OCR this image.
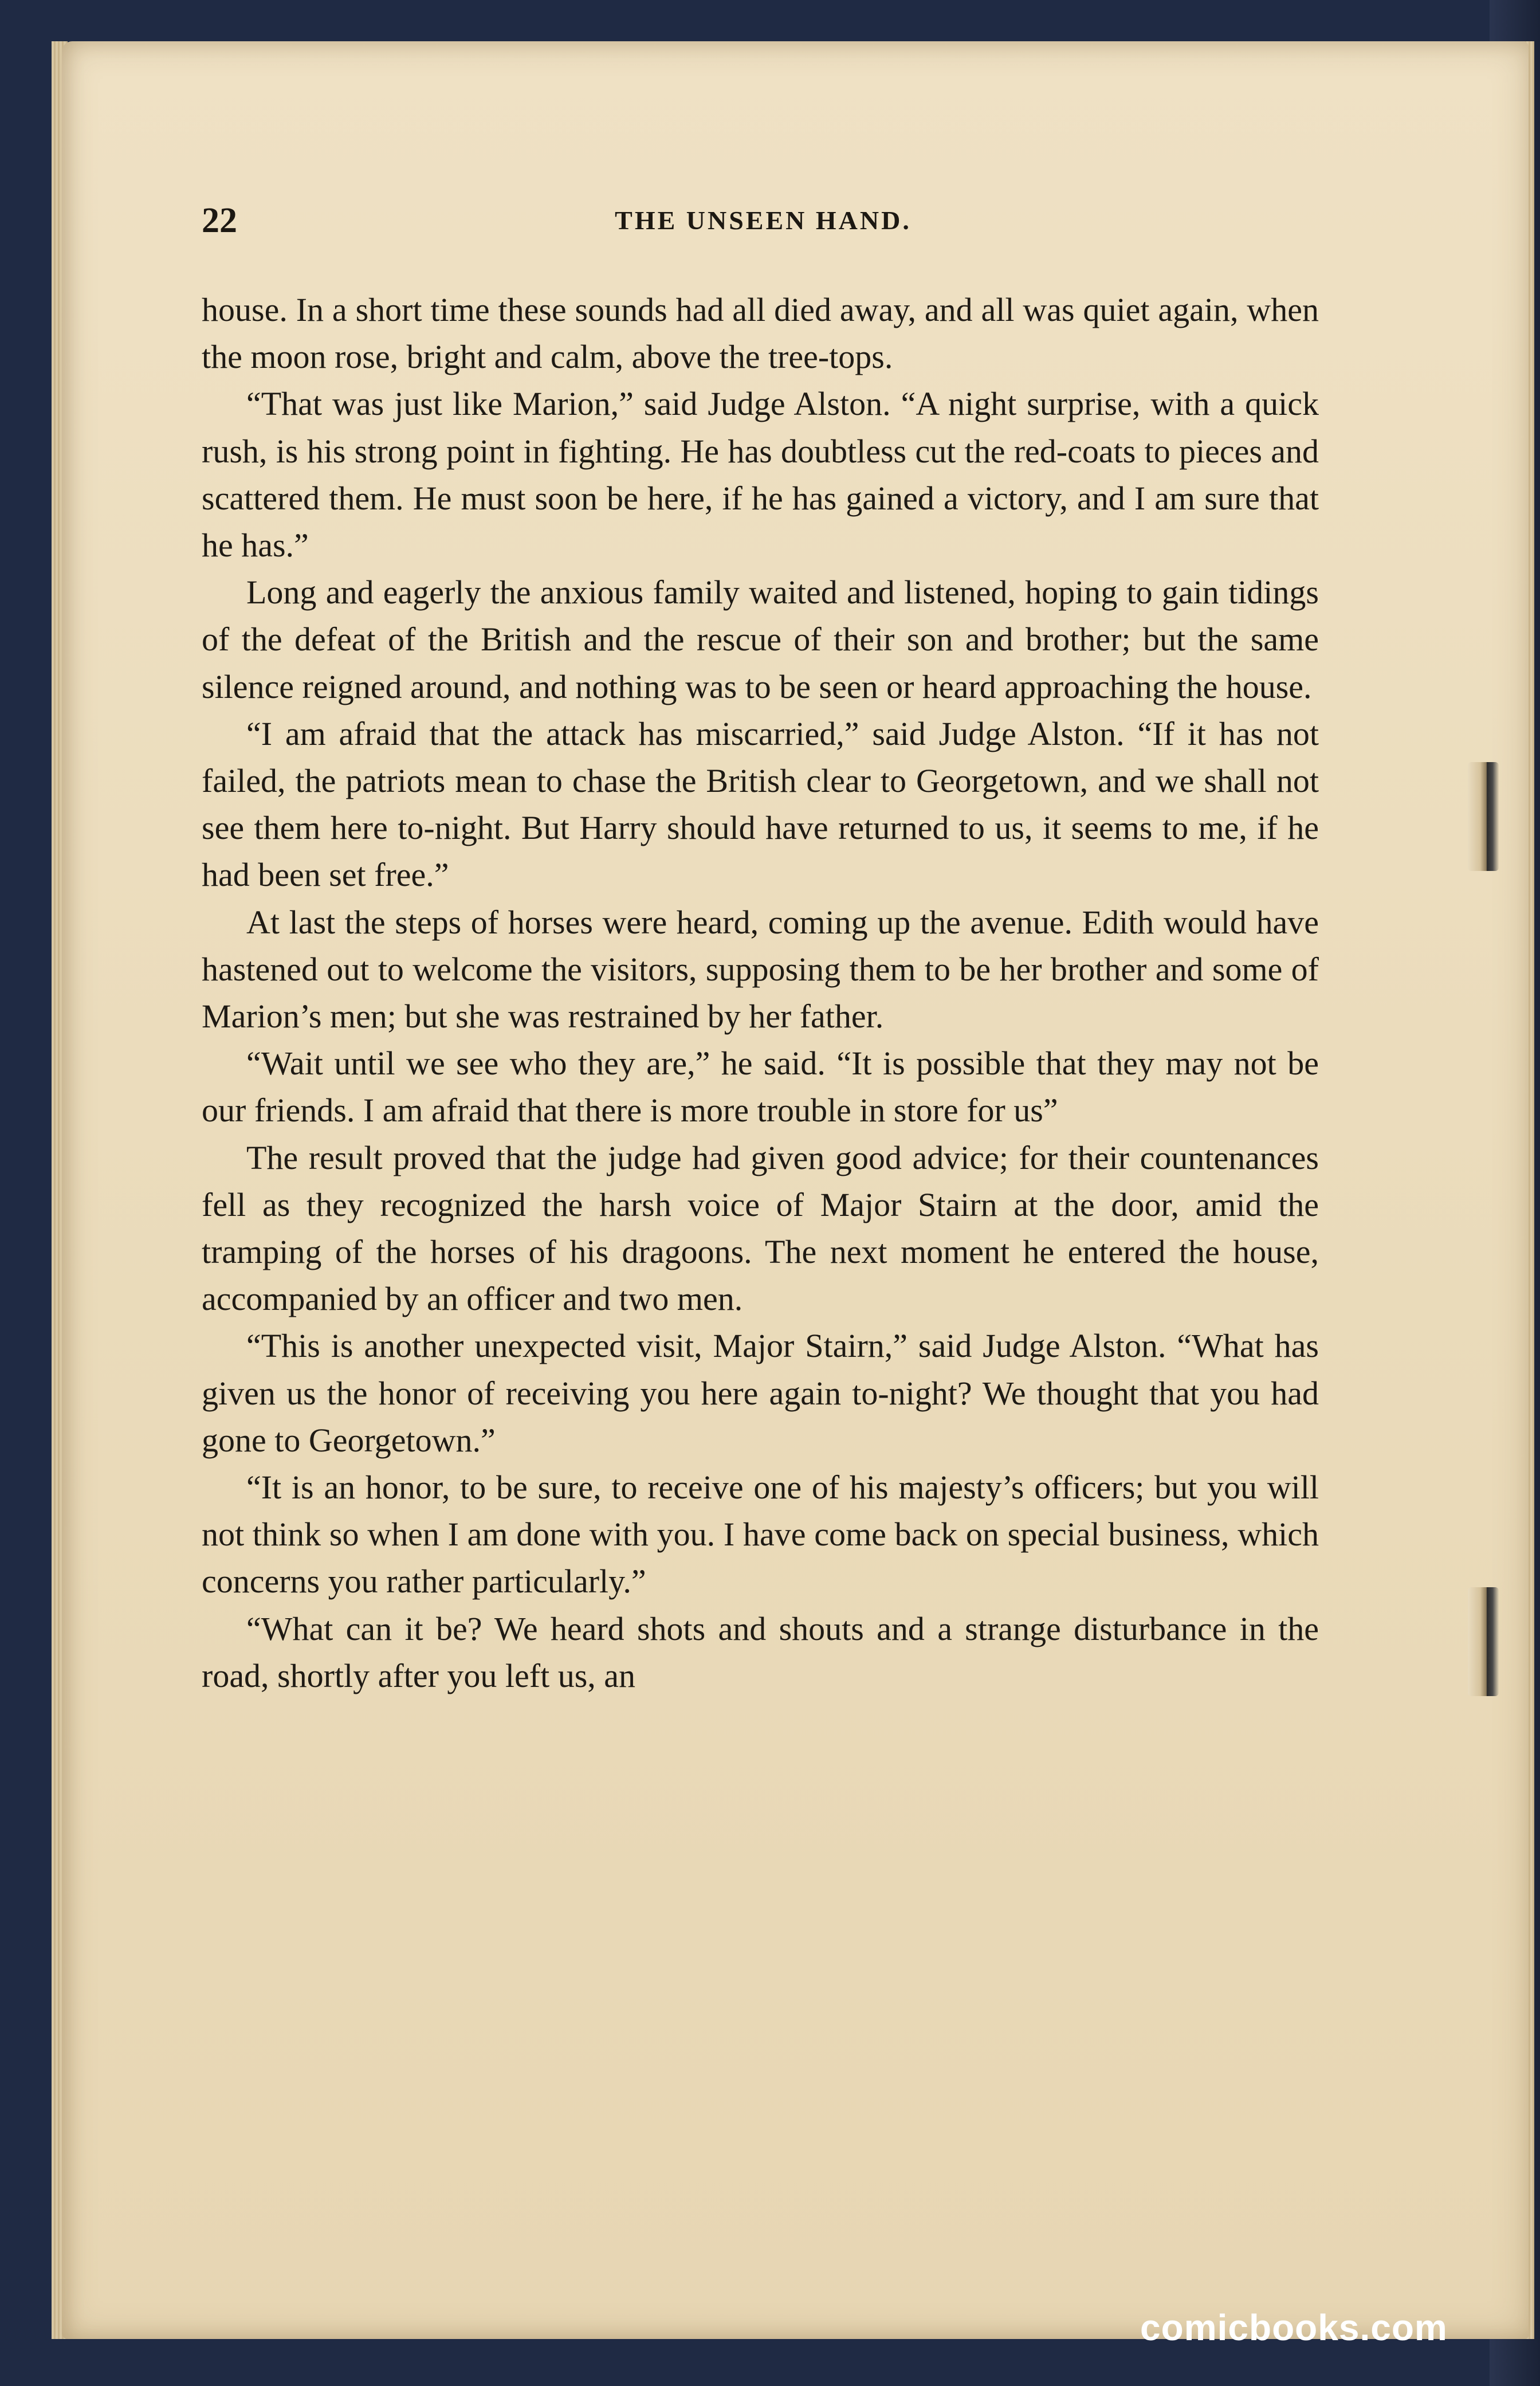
22	THE UNSEEN HAND.

house. In a short time these sounds had all died away, and all was quiet again, when the moon rose, bright and calm, above the tree-tops.

“That was just like Marion,” said Judge Alston. “A night surprise, with a quick rush, is his strong point in fighting. He has doubtless cut the red-coats to pieces and scattered them. He must soon be here, if he has gained a victory, and I am sure that he has.”

Long and eagerly the anxious family waited and listened, hoping to gain tidings of the defeat of the British and the rescue of their son and brother; but the same silence reigned around, and nothing was to be seen or heard approaching the house.

“I am afraid that the attack has miscarried,” said Judge Alston. “If it has not failed, the patriots mean to chase the British clear to Georgetown, and we shall not see them here to-night. But Harry should have returned to us, it seems to me, if he had been set free.”

At last the steps of horses were heard, coming up the avenue. Edith would have hastened out to welcome the visitors, supposing them to be her brother and some of Marion’s men; but she was restrained by her father.

“Wait until we see who they are,” he said. “It is possible that they may not be our friends. I am afraid that there is more trouble in store for us”

The result proved that the judge had given good advice; for their countenances fell as they recognized the harsh voice of Major Stairn at the door, amid the tramping of the horses of his dragoons. The next moment he entered the house, accompanied by an officer and two men.

“This is another unexpected visit, Major Stairn,” said Judge Alston. “What has given us the honor of receiving you here again to-night? We thought that you had gone to Georgetown.”

“It is an honor, to be sure, to receive one of his majesty’s officers; but you will not think so when I am done with you. I have come back on special business, which concerns you rather particularly.”

“What can it be? We heard shots and shouts and a strange disturbance in the road, shortly after you left us, an

comicbooks.com
